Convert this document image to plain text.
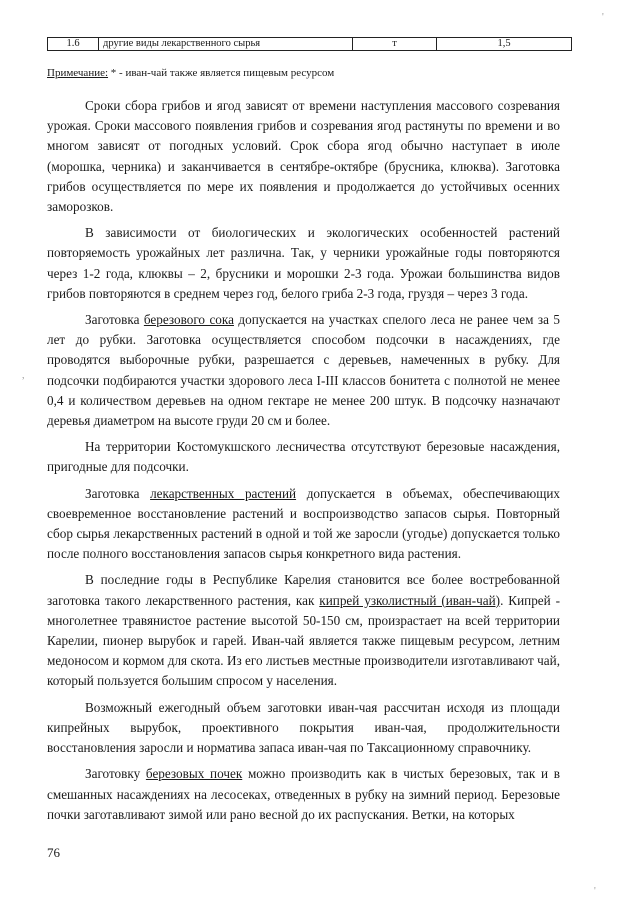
1.6	другие виды лекарственного сырья	т	1,5
Примечание: * - иван-чай также является пищевым ресурсом

Сроки сбора грибов и ягод зависят от времени наступления массового созревания урожая. Сроки массового появления грибов и созревания ягод растянуты по времени и во многом зависят от погодных условий. Срок сбора ягод обычно наступает в июле (морошка, черника) и заканчивается в сентябре-октябре (брусника, клюква). Заготовка грибов осуществляется по мере их появления и продолжается до устойчивых осенних заморозков.

В зависимости от биологических и экологических особенностей растений повторяемость урожайных лет различна. Так, у черники урожайные годы повторяются через 1-2 года, клюквы – 2, брусники и морошки 2-3 года. Урожаи большинства видов грибов повторяются в среднем через год, белого гриба 2-3 года, груздя – через 3 года.

Заготовка березового сока допускается на участках спелого леса не ранее чем за 5 лет до рубки. Заготовка осуществляется способом подсочки в насаждениях, где проводятся выборочные рубки, разрешается с деревьев, намеченных в рубку. Для подсочки подбираются участки здорового леса I-III классов бонитета с полнотой не менее 0,4 и количеством деревьев на одном гектаре не менее 200 штук. В подсочку назначают деревья диаметром на высоте груди 20 см и более.

На территории Костомукшского лесничества отсутствуют березовые насаждения, пригодные для подсочки.

Заготовка лекарственных растений допускается в объемах, обеспечивающих своевременное восстановление растений и воспроизводство запасов сырья. Повторный сбор сырья лекарственных растений в одной и той же заросли (угодье) допускается только после полного восстановления запасов сырья конкретного вида растения.

В последние годы в Республике Карелия становится все более востребованной заготовка такого лекарственного растения, как кипрей узколистный (иван-чай). Кипрей - многолетнее травянистое растение высотой 50-150 см, произрастает на всей территории Карелии, пионер вырубок и гарей. Иван-чай является также пищевым ресурсом, летним медоносом и кормом для скота. Из его листьев местные производители изготавливают чай, который пользуется большим спросом у населения.

Возможный ежегодный объем заготовки иван-чая рассчитан исходя из площади кипрейных вырубок, проективного покрытия иван-чая, продолжительности восстановления заросли и норматива запаса иван-чая по Таксационному справочнику.

Заготовку березовых почек можно производить как в чистых березовых, так и в смешанных насаждениях на лесосеках, отведенных в рубку на зимний период. Березовые почки заготавливают зимой или рано весной до их распускания. Ветки, на которых

76
'
,
'
